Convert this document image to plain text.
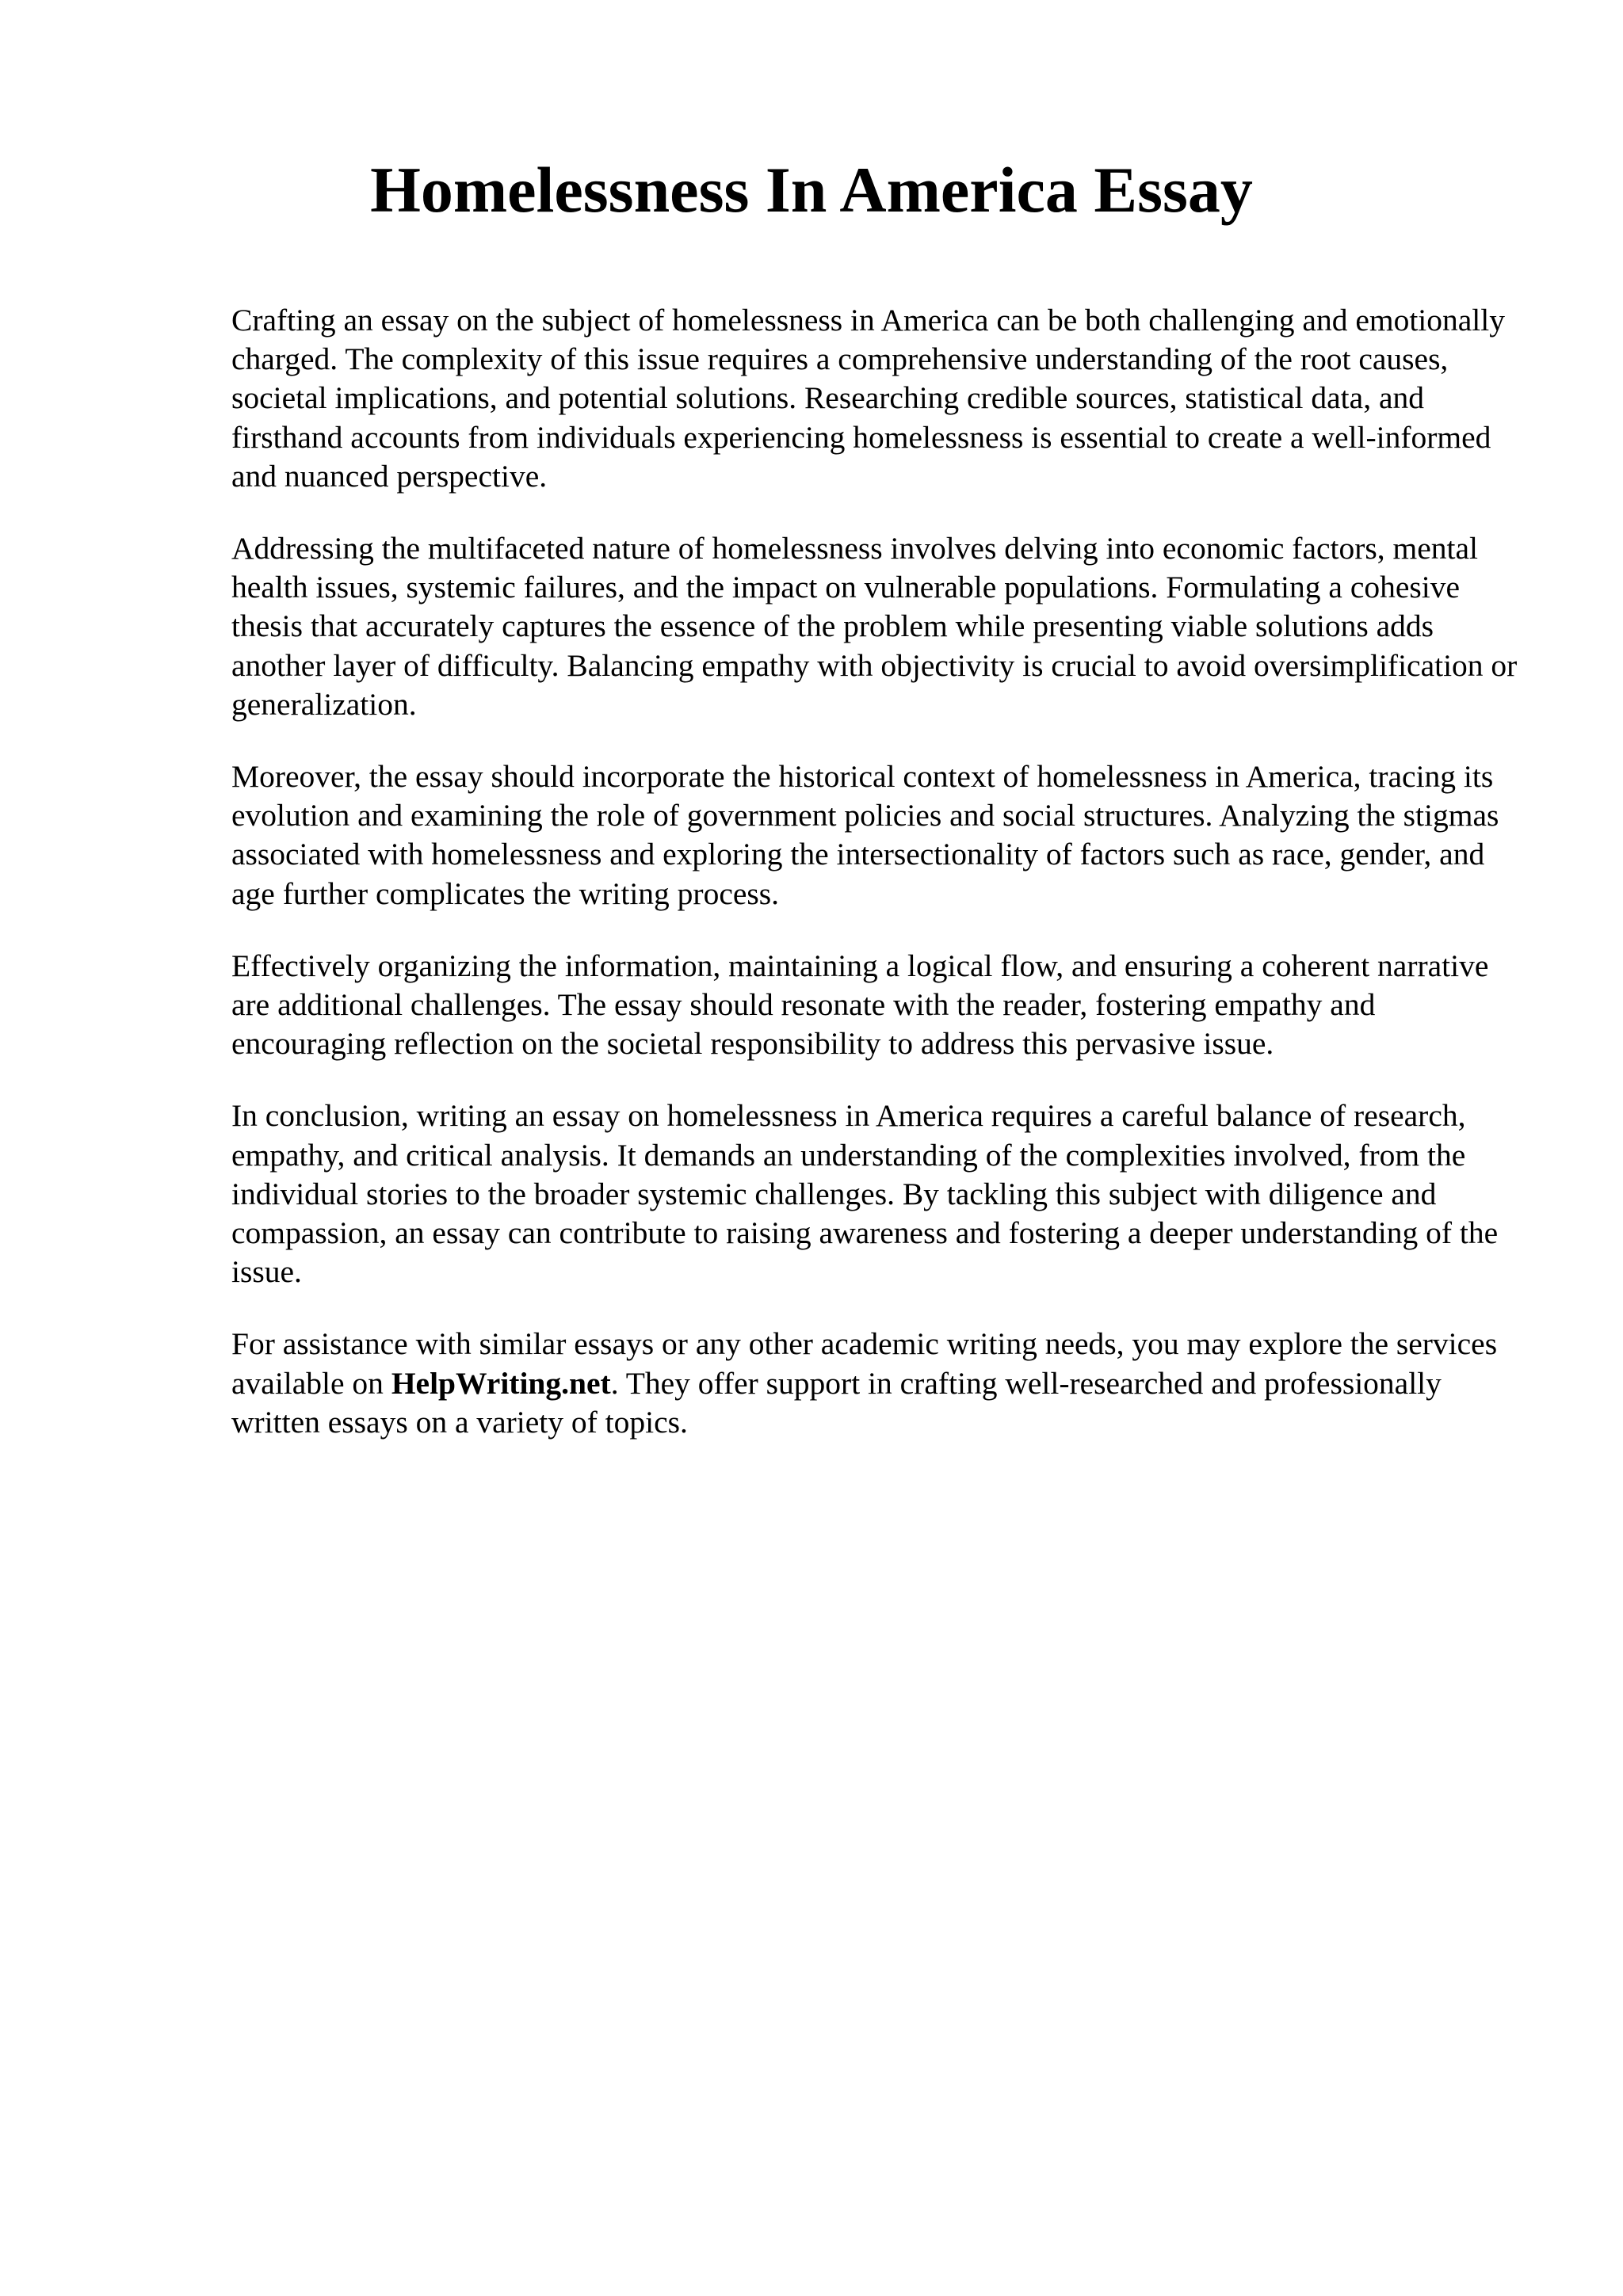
Homelessness In America Essay

Crafting an essay on the subject of homelessness in America can be both challenging and emotionally charged. The complexity of this issue requires a comprehensive understanding of the root causes, societal implications, and potential solutions. Researching credible sources, statistical data, and firsthand accounts from individuals experiencing homelessness is essential to create a well-informed and nuanced perspective.

Addressing the multifaceted nature of homelessness involves delving into economic factors, mental health issues, systemic failures, and the impact on vulnerable populations. Formulating a cohesive thesis that accurately captures the essence of the problem while presenting viable solutions adds another layer of difficulty. Balancing empathy with objectivity is crucial to avoid oversimplification or generalization.

Moreover, the essay should incorporate the historical context of homelessness in America, tracing its evolution and examining the role of government policies and social structures. Analyzing the stigmas associated with homelessness and exploring the intersectionality of factors such as race, gender, and age further complicates the writing process.

Effectively organizing the information, maintaining a logical flow, and ensuring a coherent narrative are additional challenges. The essay should resonate with the reader, fostering empathy and encouraging reflection on the societal responsibility to address this pervasive issue.

In conclusion, writing an essay on homelessness in America requires a careful balance of research, empathy, and critical analysis. It demands an understanding of the complexities involved, from the individual stories to the broader systemic challenges. By tackling this subject with diligence and compassion, an essay can contribute to raising awareness and fostering a deeper understanding of the issue.

For assistance with similar essays or any other academic writing needs, you may explore the services available on HelpWriting.net. They offer support in crafting well-researched and professionally written essays on a variety of topics.
